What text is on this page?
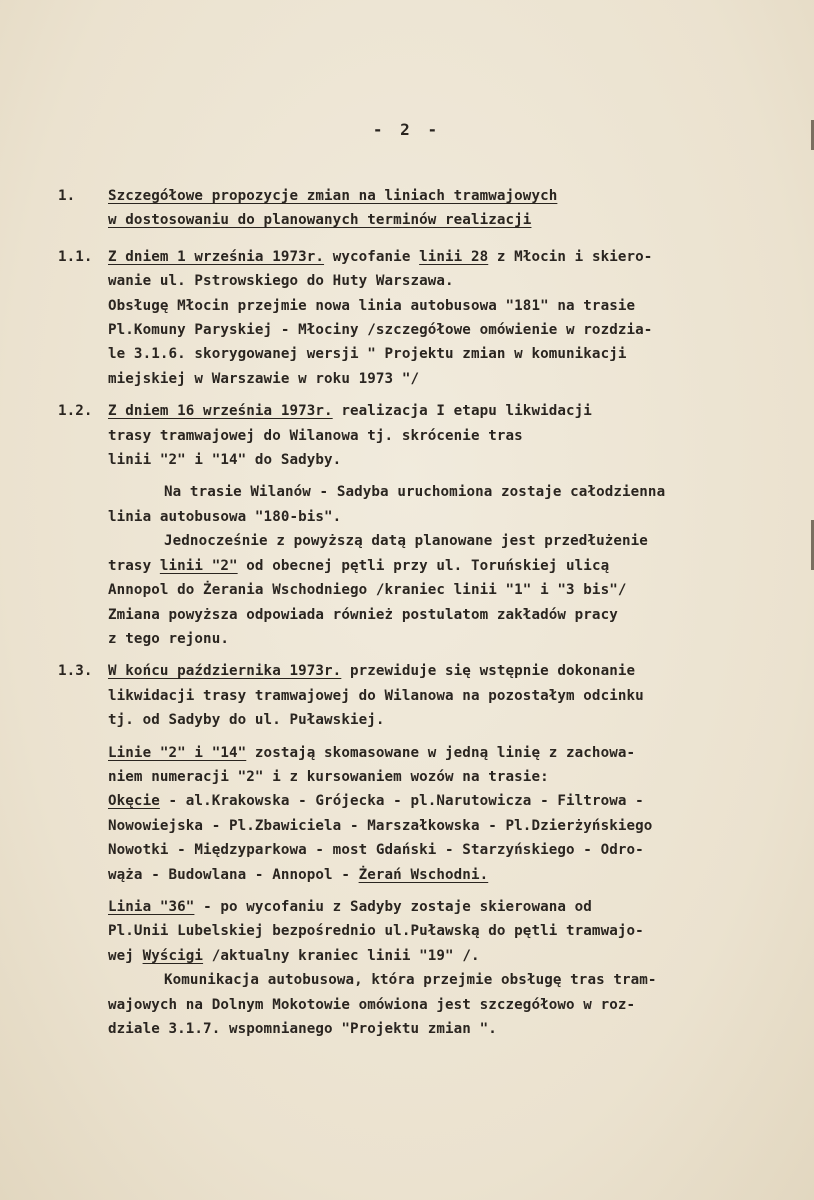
- 2 -
1.	Szczegółowe propozycje zmian na liniach tramwajowych
w dostosowaniu do planowanych terminów realizacji
1.1.	Z dniem 1 września 1973r. wycofanie linii 28 z Młocin i skiero-
wanie ul. Pstrowskiego do Huty Warszawa.
Obsługę Młocin przejmie nowa linia autobusowa "181" na trasie
Pl.Komuny Paryskiej - Młociny /szczegółowe omówienie w rozdzia-
le 3.1.6. skorygowanej wersji " Projektu zmian w komunikacji
miejskiej w Warszawie w roku 1973 "/
1.2.	Z dniem 16 września 1973r. realizacja I etapu likwidacji
trasy tramwajowej do Wilanowa tj. skrócenie tras
linii "2" i "14" do Sadyby.
Na trasie Wilanów - Sadyba uruchomiona zostaje całodzienna
linia autobusowa "180-bis".
Jednocześnie z powyższą datą planowane jest przedłużenie
trasy linii "2" od obecnej pętli przy ul. Toruńskiej ulicą
Annopol do Żerania Wschodniego /kraniec linii "1" i "3 bis"/
Zmiana powyższa odpowiada również postulatom zakładów pracy
z tego rejonu.
1.3.	W końcu października 1973r. przewiduje się wstępnie dokonanie
likwidacji trasy tramwajowej do Wilanowa na pozostałym odcinku
tj. od Sadyby do ul. Puławskiej.
Linie "2" i "14" zostają skomasowane w jedną linię z zachowa-
niem numeracji "2" i z kursowaniem wozów na trasie:
Okęcie - al.Krakowska - Grójecka - pl.Narutowicza - Filtrowa -
Nowowiejska - Pl.Zbawiciela - Marszałkowska - Pl.Dzierżyńskiego
Nowotki - Międzyparkowa - most Gdański - Starzyńskiego - Odro-
wąża - Budowlana - Annopol - Żerań Wschodni.
Linia "36" - po wycofaniu z Sadyby zostaje skierowana od
Pl.Unii Lubelskiej bezpośrednio ul.Puławską do pętli tramwajo-
wej Wyścigi /aktualny kraniec linii "19" /.
Komunikacja autobusowa, która przejmie obsługę tras tram-
wajowych na Dolnym Mokotowie omówiona jest szczegółowo w roz-
dziale 3.1.7. wspomnianego "Projektu zmian ".
